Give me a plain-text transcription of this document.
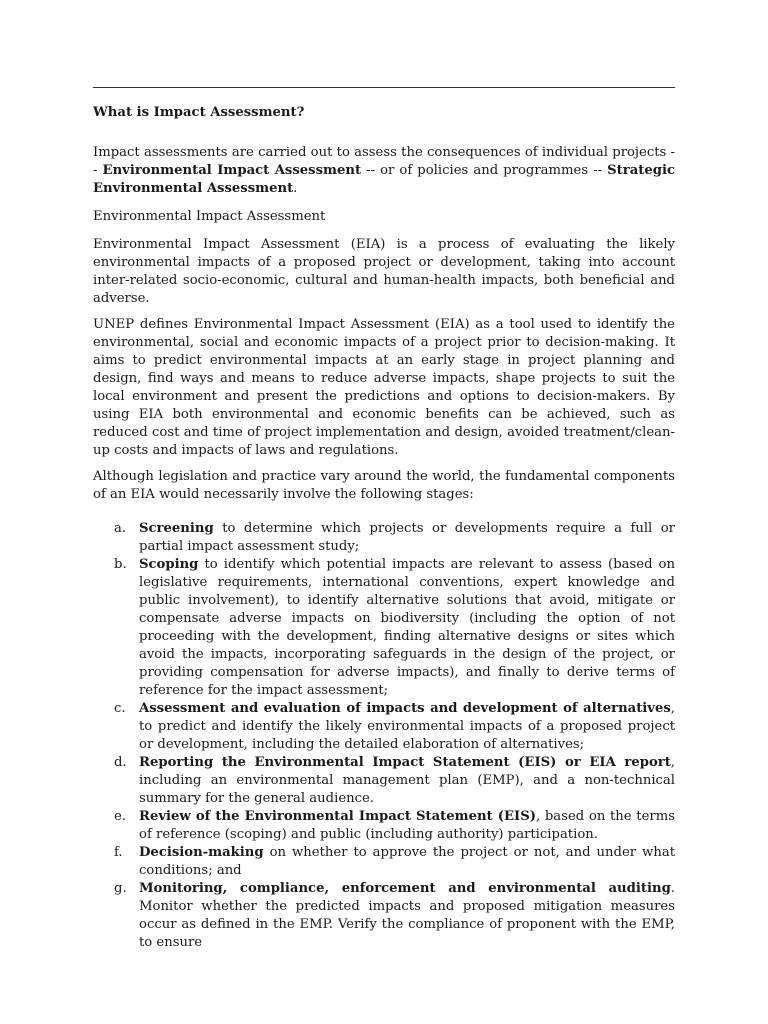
What is Impact Assessment?

Impact assessments are carried out to assess the consequences of individual projects -- Environmental Impact Assessment -- or of policies and programmes -- Strategic Environmental Assessment.

Environmental Impact Assessment

Environmental Impact Assessment (EIA) is a process of evaluating the likely environmental impacts of a proposed project or development, taking into account inter-related socio-economic, cultural and human-health impacts, both beneficial and adverse.

UNEP defines Environmental Impact Assessment (EIA) as a tool used to identify the environmental, social and economic impacts of a project prior to decision-making. It aims to predict environmental impacts at an early stage in project planning and design, find ways and means to reduce adverse impacts, shape projects to suit the local environment and present the predictions and options to decision-makers. By using EIA both environmental and economic benefits can be achieved, such as reduced cost and time of project implementation and design, avoided treatment/clean-up costs and impacts of laws and regulations.

Although legislation and practice vary around the world, the fundamental components of an EIA would necessarily involve the following stages:

a. Screening to determine which projects or developments require a full or partial impact assessment study;
b. Scoping to identify which potential impacts are relevant to assess (based on legislative requirements, international conventions, expert knowledge and public involvement), to identify alternative solutions that avoid, mitigate or compensate adverse impacts on biodiversity (including the option of not proceeding with the development, finding alternative designs or sites which avoid the impacts, incorporating safeguards in the design of the project, or providing compensation for adverse impacts), and finally to derive terms of reference for the impact assessment;
c.	Assessment and evaluation of impacts and development of alternatives, to predict and identify the likely environmental impacts of a proposed project or development, including the detailed elaboration of alternatives;
d. Reporting the Environmental Impact Statement (EIS) or EIA report, including an environmental management plan (EMP), and a non-technical summary for the general audience.
e. Review of the Environmental Impact Statement (EIS), based on the terms of reference (scoping) and public (including authority) participation.
f.	Decision-making on whether to approve the project or not, and under what conditions; and
g. Monitoring, compliance, enforcement and environmental auditing. Monitor whether the predicted impacts and proposed mitigation measures occur as defined in the EMP. Verify the compliance of proponent with the EMP, to ensure
